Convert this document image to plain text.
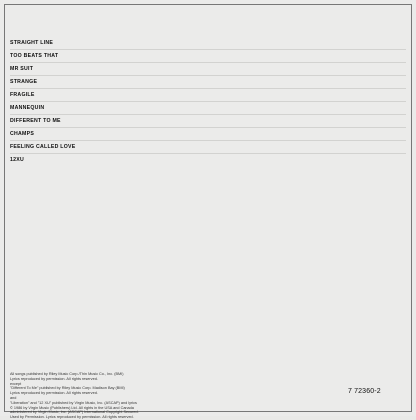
STRAIGHT LINE

TOO BEATS THAT

MR SUIT

STRANGE

FRAGILE

MANNEQUIN

DIFFERENT TO ME

CHAMPS

FEELING CALLED LOVE

12XU

All songs published by Riley Music Corp./Thin Music Co., Inc. (BMI)
Lyrics reproduced by permission. All rights reserved.
except
"Different To Me" published by Riley Music Corp. Madison Bay (BMI)
Lyrics reproduced by permission. All rights reserved.
and
"Liberation" and "12 XU" published by Virgin Music, Inc. (ASCAP) and lyrics
© 1986 by Virgin Music (Publishers) Ltd. All rights in the USA and Canada
administered by Virgin Music, Inc. (ASCAP) International Copyright Secured.
Used by Permission. Lyrics reproduced by permission. All rights reserved.
7 72360-2
